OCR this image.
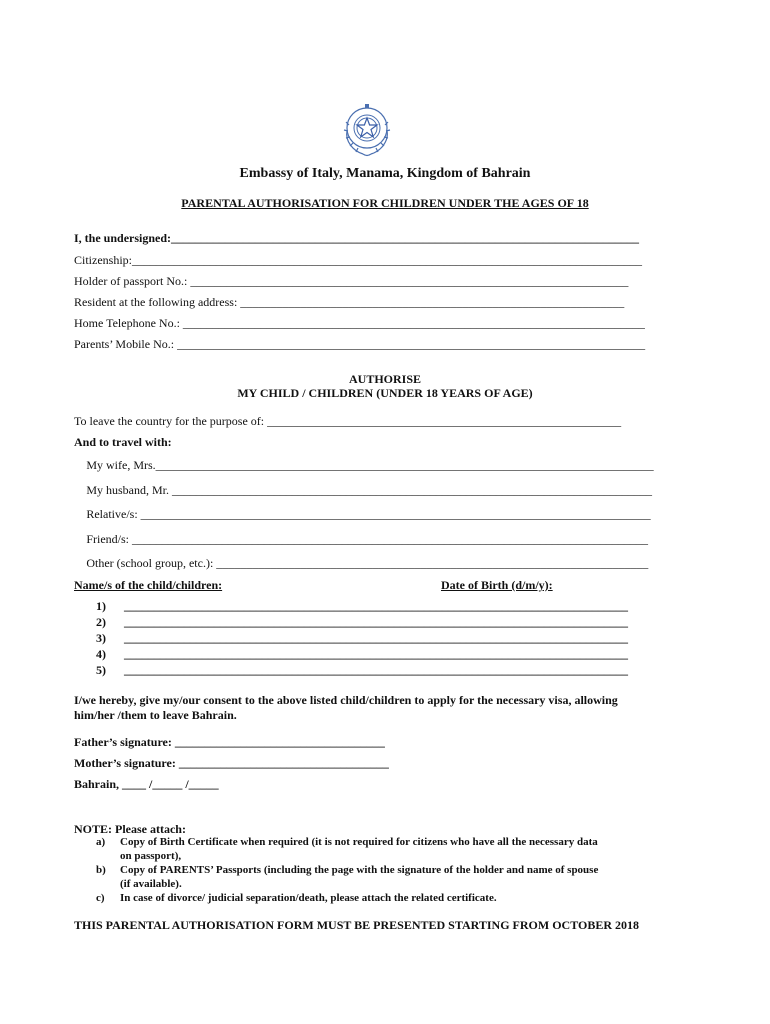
Embassy of Italy, Manama, Kingdom of Bahrain
PARENTAL AUTHORISATION FOR CHILDREN UNDER THE AGES OF 18
I, the undersigned:______________________________________________________________________________
Citizenship:_____________________________________________________________________________________
Holder of passport No.: _________________________________________________________________________
Resident at the following address: ________________________________________________________________
Home Telephone No.: _____________________________________________________________________________
Parents’ Mobile No.: ______________________________________________________________________________
AUTHORISE
MY CHILD / CHILDREN (UNDER 18 YEARS OF AGE)
To leave the country for the purpose of: ___________________________________________________________
And to travel with:
My wife, Mrs.___________________________________________________________________________________
My husband, Mr. ________________________________________________________________________________
Relative/s: _____________________________________________________________________________________
Friend/s: ______________________________________________________________________________________
Other (school group, etc.): ________________________________________________________________________
Name/s of the child/children:	Date of Birth (d/m/y):
1) ____________________________________________________________________________________
2) ____________________________________________________________________________________
3) ____________________________________________________________________________________
4) ____________________________________________________________________________________
5) ____________________________________________________________________________________
I/we hereby, give my/our consent to the above listed child/children to apply for the necessary visa, allowing
him/her /them to leave Bahrain.
Father’s signature: ___________________________________
Mother’s signature: ___________________________________
Bahrain, ____ /_____ /_____
NOTE: Please attach:
a) Copy of Birth Certificate when required (it is not required for citizens who have all the necessary data
on passport),
b) Copy of PARENTS’ Passports (including the page with the signature of the holder and name of spouse
(if available).
c) In case of divorce/ judicial separation/death, please attach the related certificate.
THIS PARENTAL AUTHORISATION FORM MUST BE PRESENTED STARTING FROM OCTOBER 2018
